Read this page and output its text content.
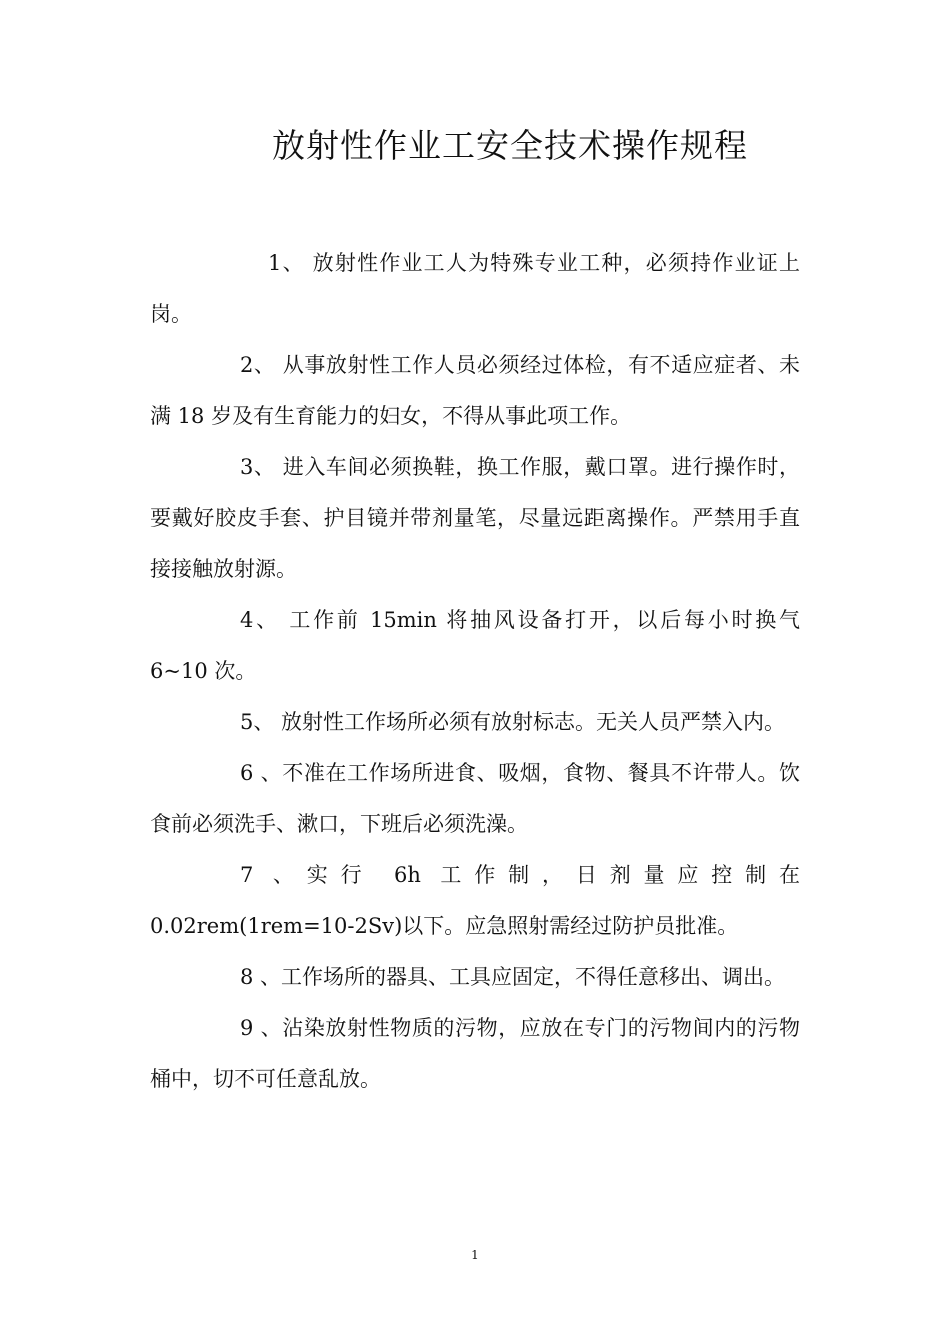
放射性作业工安全技术操作规程

1、 放射性作业工人为特殊专业工种，必须持作业证上岗。

2、 从事放射性工作人员必须经过体检，有不适应症者、未满 18 岁及有生育能力的妇女，不得从事此项工作。

3、 进入车间必须换鞋，换工作服，戴口罩。进行操作时，要戴好胶皮手套、护目镜并带剂量笔，尽量远距离操作。严禁用手直接接触放射源。

4、 工作前 15min 将抽风设备打开，以后每小时换气 6~10 次。

5、 放射性工作场所必须有放射标志。无关人员严禁入内。

6 、不准在工作场所进食、吸烟，食物、餐具不许带人。饮食前必须洗手、漱口，下班后必须洗澡。

7 、实行 6h 工作制，日剂量应控制在 0.02rem(1rem=10-2Sv)以下。应急照射需经过防护员批准。

8 、工作场所的器具、工具应固定，不得任意移出、调出。

9 、沾染放射性物质的污物，应放在专门的污物间内的污物桶中，切不可任意乱放。

1
